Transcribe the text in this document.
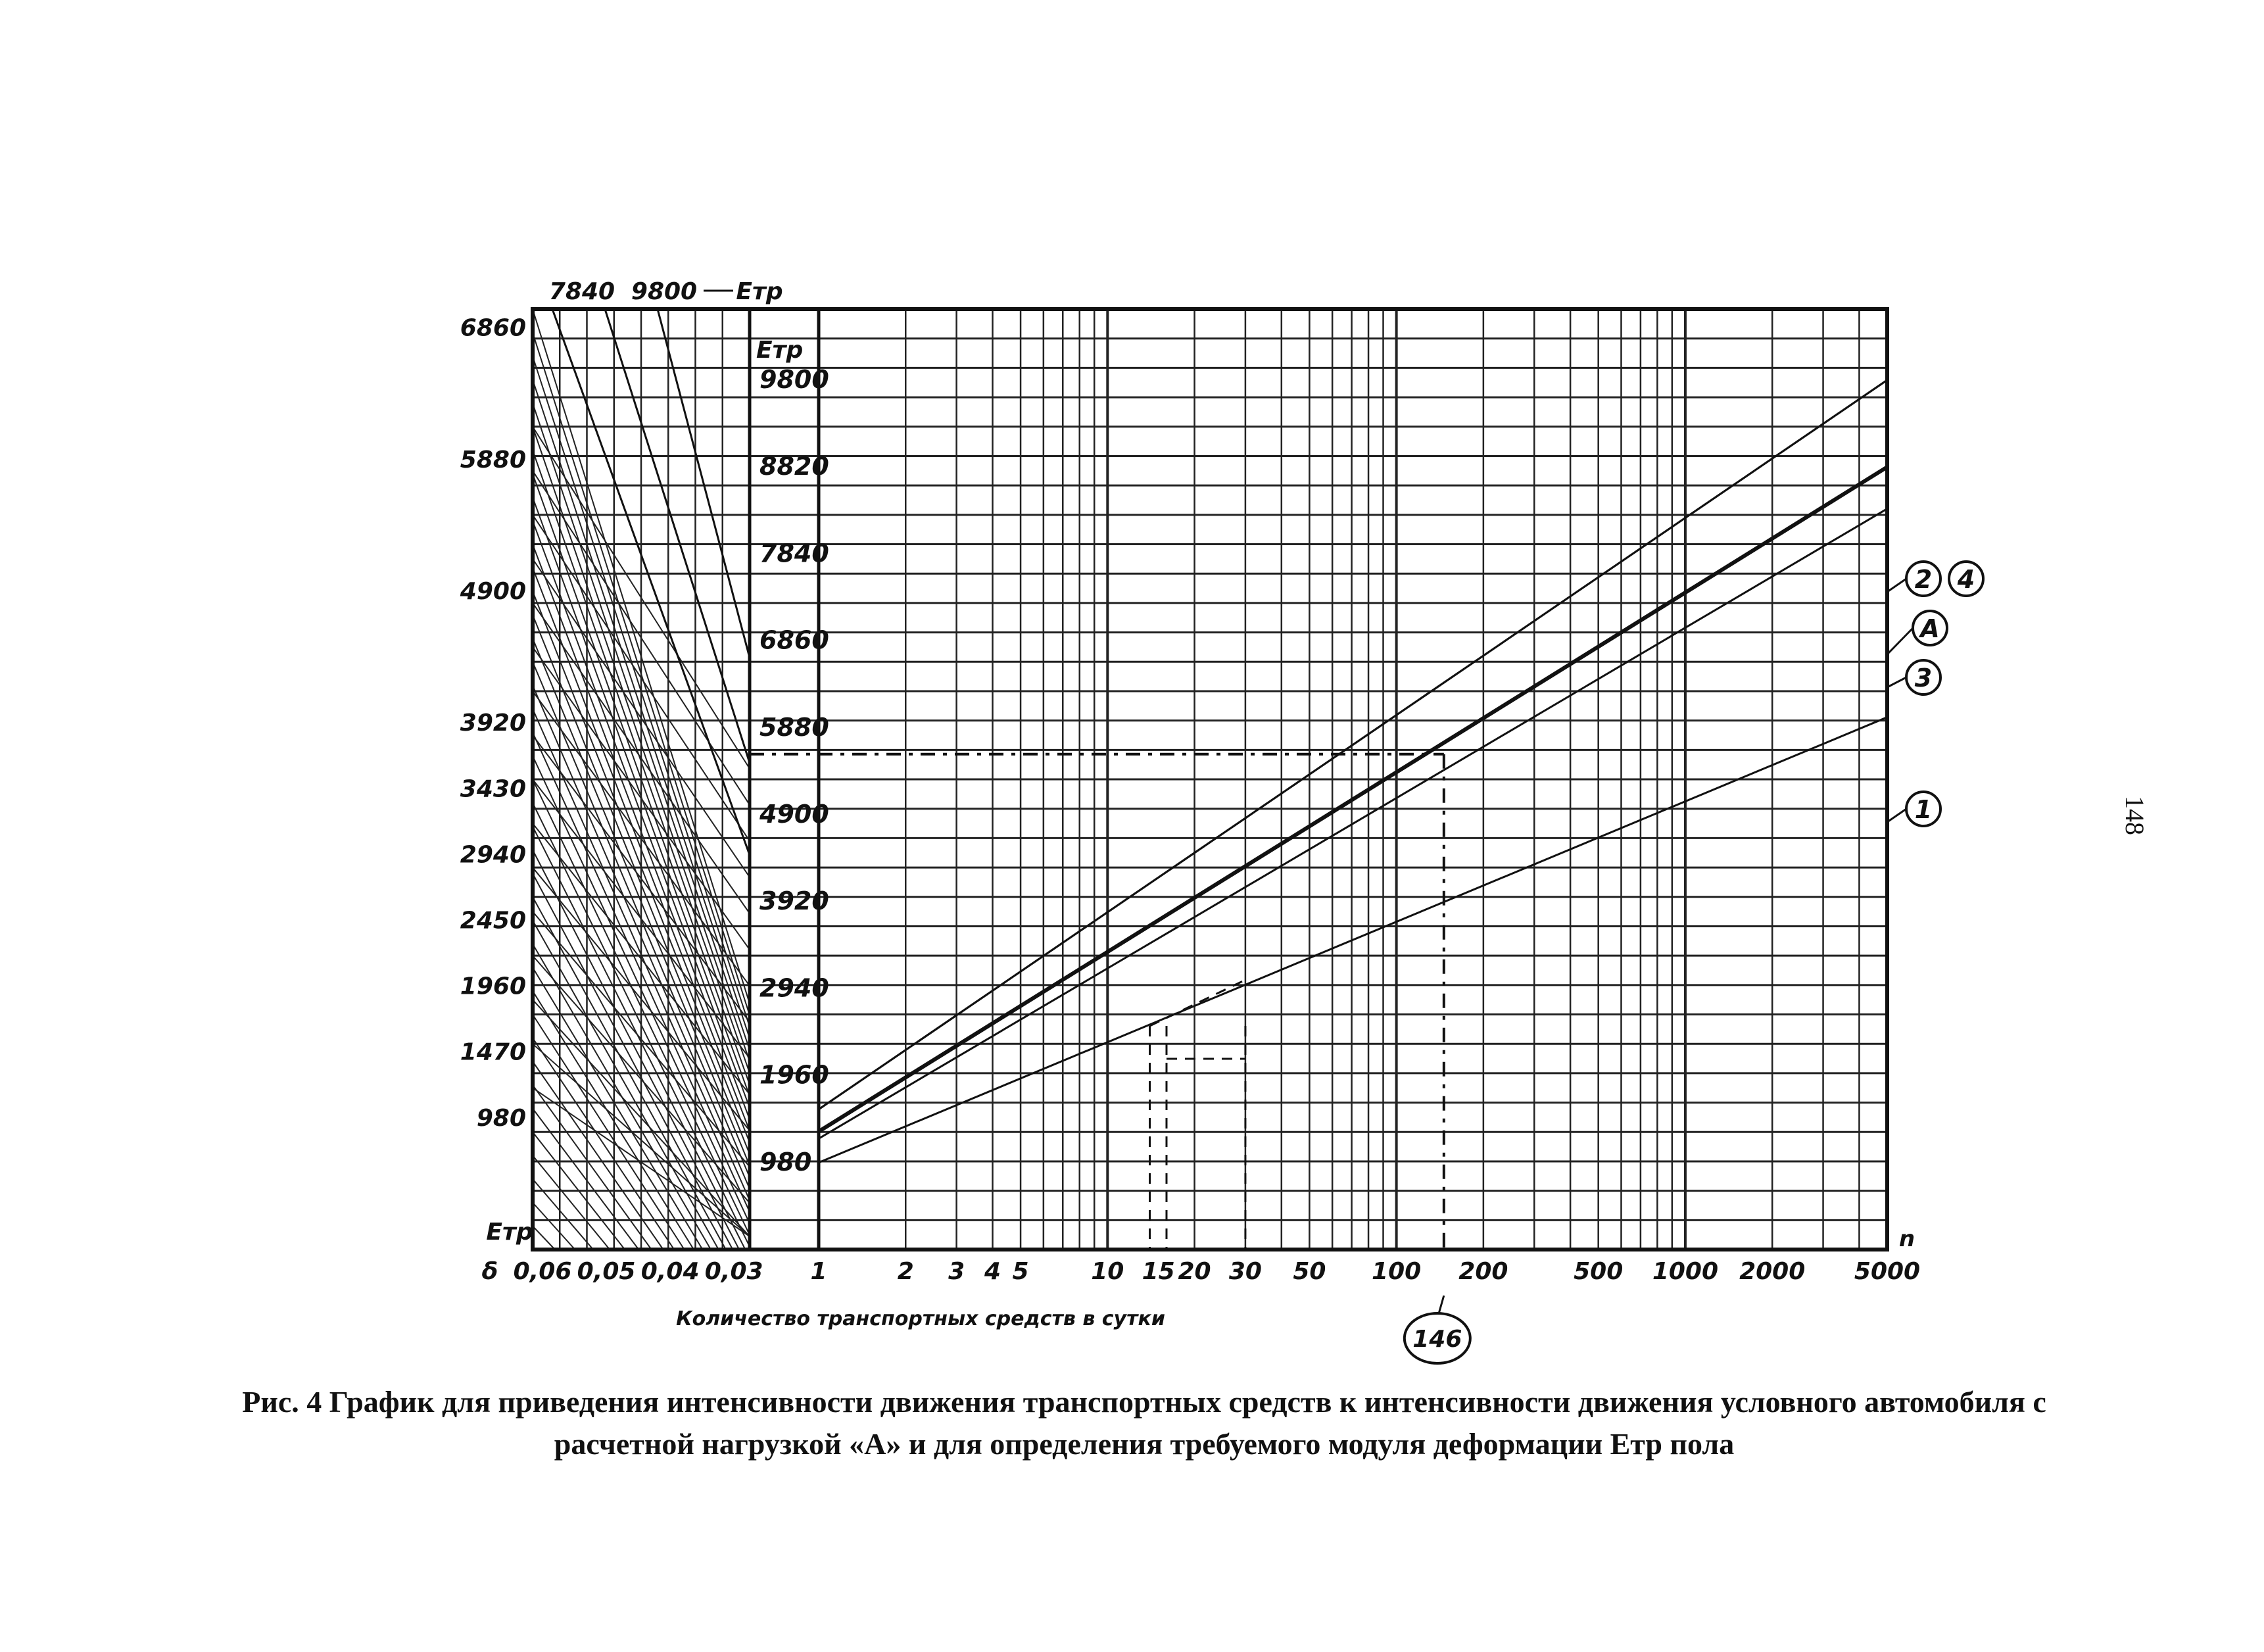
2 4
А
3
1
146
1	2 3 4 5	10 15 20 30 50 100 200	500 1000 2000 5000
n
δ 0,06 0,05 0,04 0,03
Количество транспортных средств в сутки
980
1470
1960
2450
2940
3430
3920
4900
5880
6860
Етр
980
1960
2940
3920
4900
5880
6860
7840
8820
9800
Етр
7840 9800 Етр
148
Рис. 4 График для приведения интенсивности движения транспортных средств к интенсивности движения условного автомобиля с
расчетной нагрузкой «А» и для определения требуемого модуля деформации Етр пола
